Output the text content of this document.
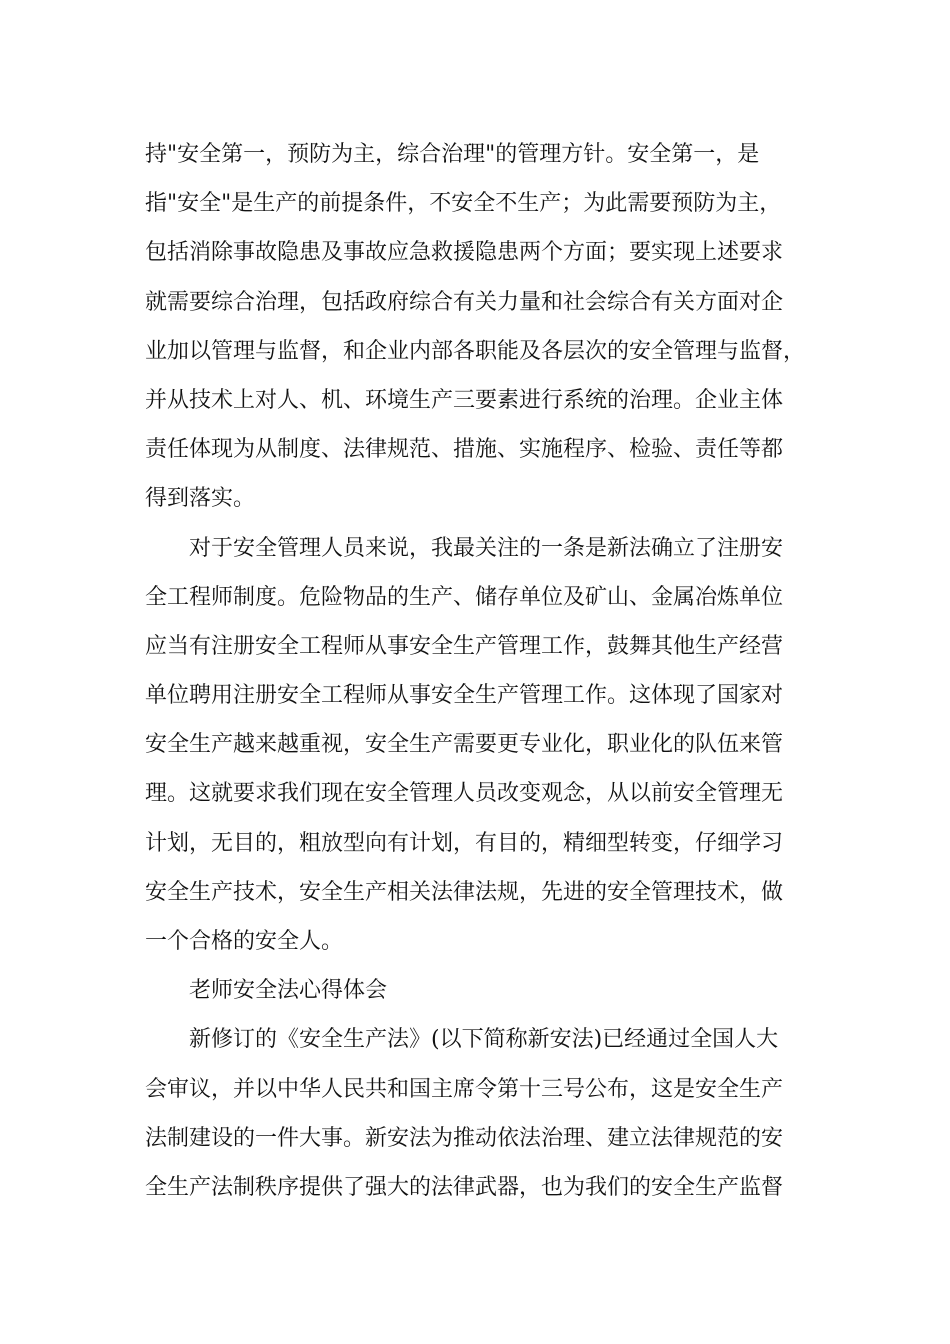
持"安全第一，预防为主，综合治理"的管理方针。安全第一，是

指"安全"是生产的前提条件，不安全不生产；为此需要预防为主，

包括消除事故隐患及事故应急救援隐患两个方面；要实现上述要求

就需要综合治理，包括政府综合有关力量和社会综合有关方面对企

业加以管理与监督，和企业内部各职能及各层次的安全管理与监督，

并从技术上对人、机、环境生产三要素进行系统的治理。企业主体

责任体现为从制度、法律规范、措施、实施程序、检验、责任等都

得到落实。

对于安全管理人员来说，我最关注的一条是新法确立了注册安

全工程师制度。危险物品的生产、储存单位及矿山、金属冶炼单位

应当有注册安全工程师从事安全生产管理工作，鼓舞其他生产经营

单位聘用注册安全工程师从事安全生产管理工作。这体现了国家对

安全生产越来越重视，安全生产需要更专业化，职业化的队伍来管

理。这就要求我们现在安全管理人员改变观念，从以前安全管理无

计划，无目的，粗放型向有计划，有目的，精细型转变，仔细学习

安全生产技术，安全生产相关法律法规，先进的安全管理技术，做

一个合格的安全人。

老师安全法心得体会

新修订的《安全生产法》(以下简称新安法)已经通过全国人大

会审议，并以中华人民共和国主席令第十三号公布，这是安全生产

法制建设的一件大事。新安法为推动依法治理、建立法律规范的安

全生产法制秩序提供了强大的法律武器，也为我们的安全生产监督
